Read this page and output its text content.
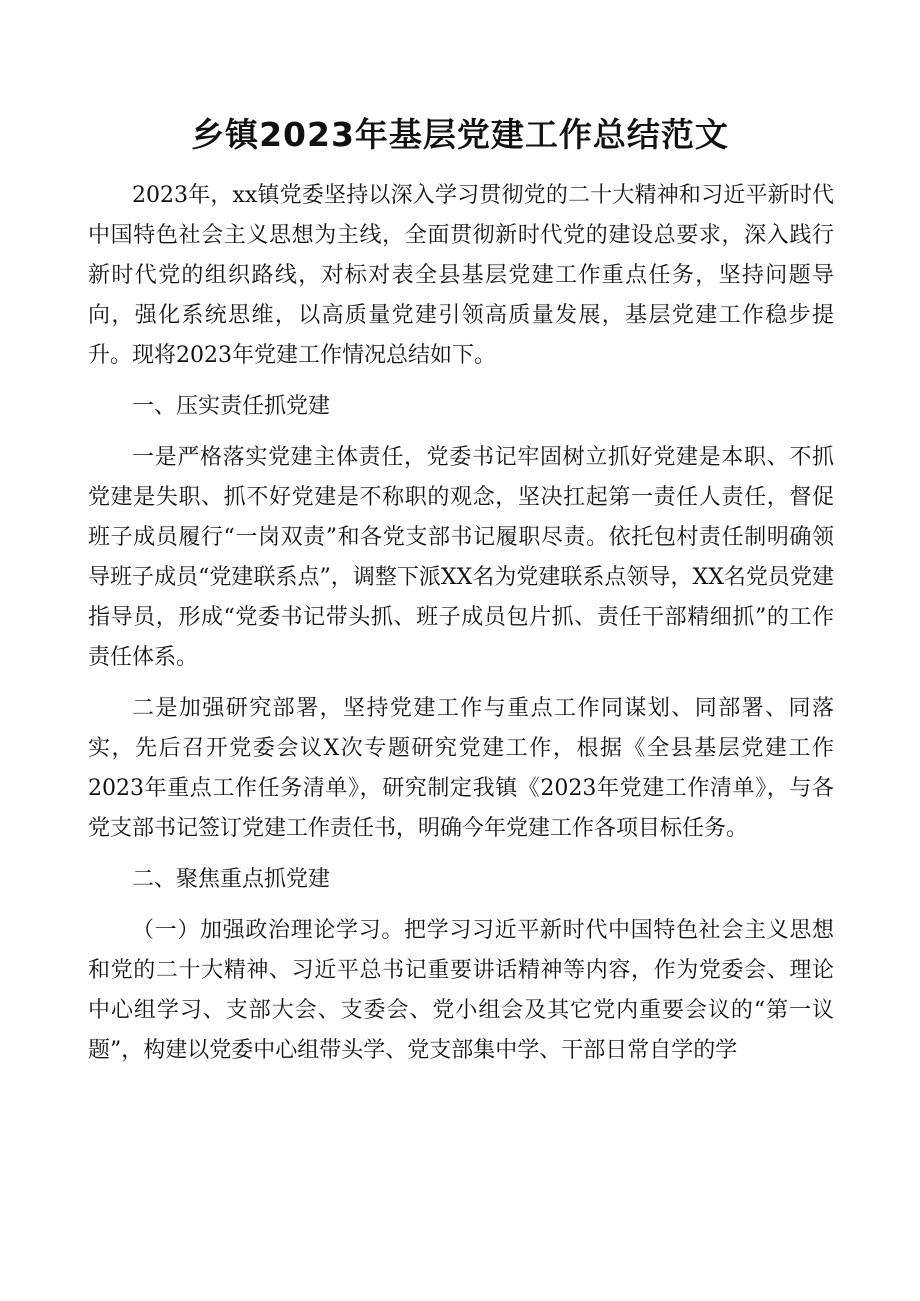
乡镇2023年基层党建工作总结范文

2023年，xx镇党委坚持以深入学习贯彻党的二十大精神和习近平新时代中国特色社会主义思想为主线，全面贯彻新时代党的建设总要求，深入践行新时代党的组织路线，对标对表全县基层党建工作重点任务，坚持问题导向，强化系统思维，以高质量党建引领高质量发展，基层党建工作稳步提升。现将2023年党建工作情况总结如下。

一、压实责任抓党建

一是严格落实党建主体责任，党委书记牢固树立抓好党建是本职、不抓党建是失职、抓不好党建是不称职的观念，坚决扛起第一责任人责任，督促班子成员履行“一岗双责”和各党支部书记履职尽责。依托包村责任制明确领导班子成员“党建联系点”，调整下派XX名为党建联系点领导，XX名党员党建指导员，形成“党委书记带头抓、班子成员包片抓、责任干部精细抓”的工作责任体系。

二是加强研究部署，坚持党建工作与重点工作同谋划、同部署、同落实，先后召开党委会议X次专题研究党建工作，根据《全县基层党建工作2023年重点工作任务清单》，研究制定我镇《2023年党建工作清单》，与各党支部书记签订党建工作责任书，明确今年党建工作各项目标任务。

二、聚焦重点抓党建

（一）加强政治理论学习。把学习习近平新时代中国特色社会主义思想和党的二十大精神、习近平总书记重要讲话精神等内容，作为党委会、理论中心组学习、支部大会、支委会、党小组会及其它党内重要会议的“第一议题”，构建以党委中心组带头学、党支部集中学、干部日常自学的学
